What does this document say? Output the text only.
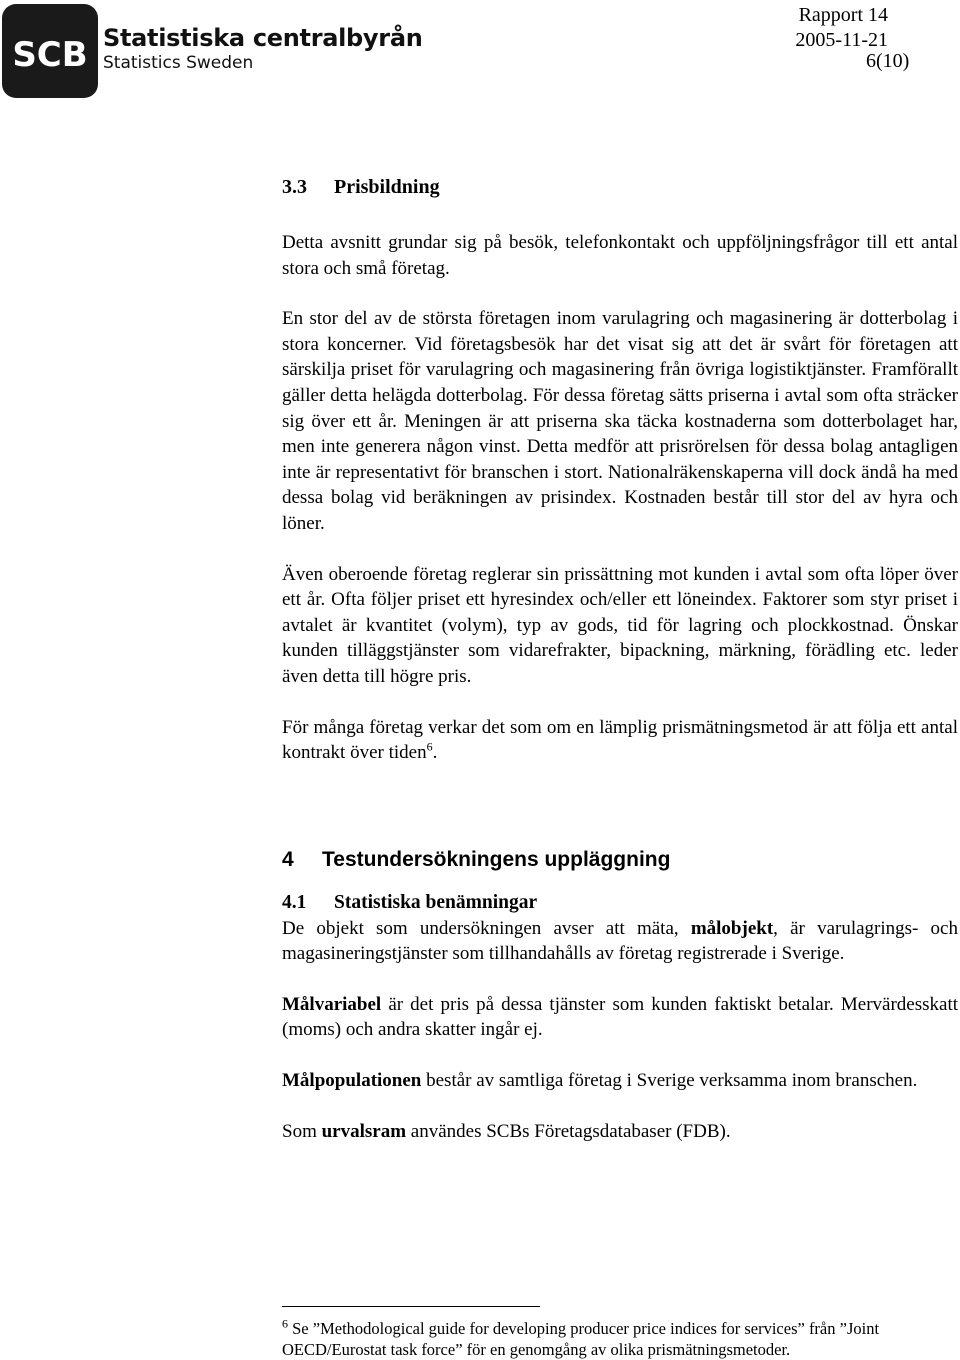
SCB Statistiska centralbyrån
Statistics Sweden
Rapport 14
2005-11-21
6(10)
3.3 Prisbildning

Detta avsnitt grundar sig på besök, telefonkontakt och uppföljningsfrågor till ett antal stora och små företag.

En stor del av de största företagen inom varulagring och magasinering är dotterbolag i stora koncerner. Vid företagsbesök har det visat sig att det är svårt för företagen att särskilja priset för varulagring och magasinering från övriga logistiktjänster. Framförallt gäller detta helägda dotterbolag. För dessa företag sätts priserna i avtal som ofta sträcker sig över ett år. Meningen är att priserna ska täcka kostnaderna som dotterbolaget har, men inte generera någon vinst. Detta medför att prisrörelsen för dessa bolag antagligen inte är representativt för branschen i stort. Nationalräkenskaperna vill dock ändå ha med dessa bolag vid beräkningen av prisindex. Kostnaden består till stor del av hyra och löner.

Även oberoende företag reglerar sin prissättning mot kunden i avtal som ofta löper över ett år. Ofta följer priset ett hyresindex och/eller ett löneindex. Faktorer som styr priset i avtalet är kvantitet (volym), typ av gods, tid för lagring och plockkostnad. Önskar kunden tilläggstjänster som vidarefrakter, bipackning, märkning, förädling etc. leder även detta till högre pris.

För många företag verkar det som om en lämplig prismätningsmetod är att följa ett antal kontrakt över tiden$^6$.

4 Testundersökningens uppläggning
4.1 Statistiska benämningar

De objekt som undersökningen avser att mäta, målobjekt, är varulagrings- och magasineringstjänster som tillhandahålls av företag registrerade i Sverige.

Målvariabel är det pris på dessa tjänster som kunden faktiskt betalar. Mervärdesskatt (moms) och andra skatter ingår ej.

Målpopulationen består av samtliga företag i Sverige verksamma inom branschen.

Som urvalsram användes SCBs Företagsdatabaser (FDB).

$^6$ Se ”Methodological guide for developing producer price indices for services” från ”Joint OECD/Eurostat task force” för en genomgång av olika prismätningsmetoder.
